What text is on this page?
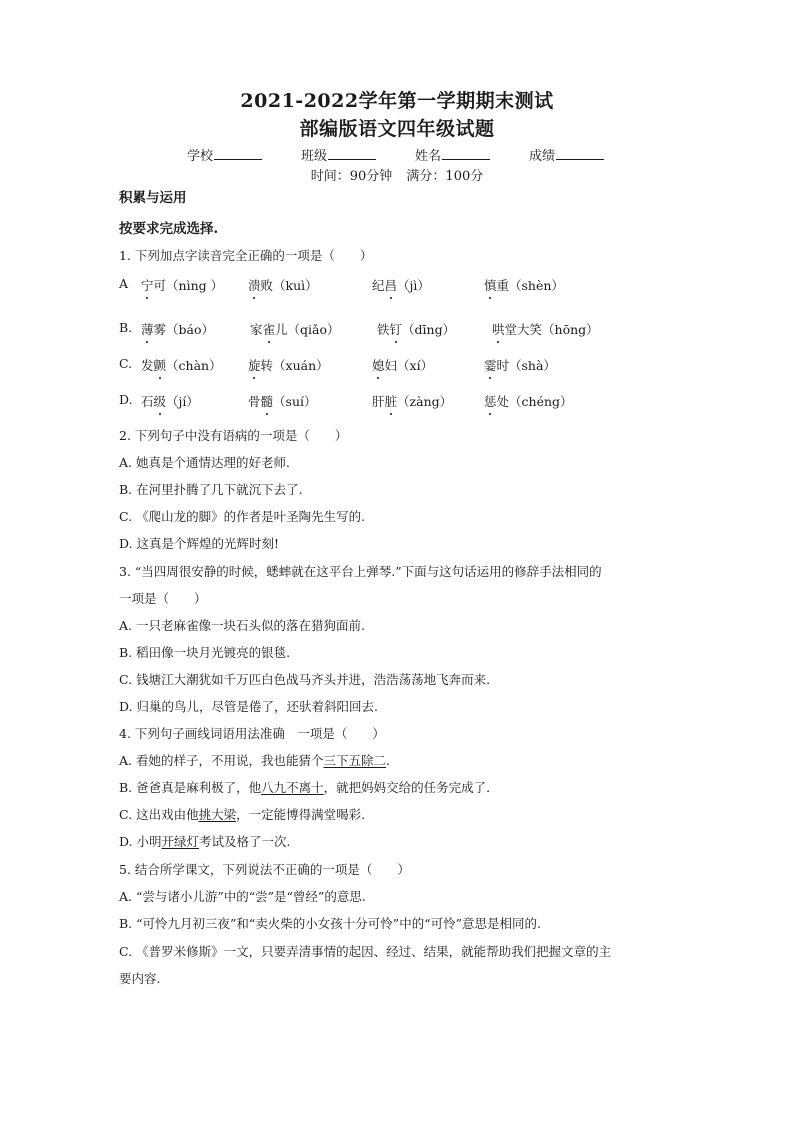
2021-2022学年第一学期期末测试
部编版语文四年级试题
学校	班级	姓名	成绩
时间：90分钟 满分：100分
积累与运用
按要求完成选择.
1. 下列加点字读音完全正确的一项是（　　）
A 宁可（nìng ） 溃败（kuì）	纪昌（jì）	慎重（shèn）
B. 薄雾（báo）	家雀儿（qiǎo）	铁钉（dīng）	哄堂大笑（hōng）
C. 发颤（chàn） 旋转（xuán）	媳妇（xí）	霎时（shà）
D. 石级（jí）	骨髓（suí）	肝脏（zàng）	惩处（chéng）
2. 下列句子中没有语病的一项是（　　）
A. 她真是个通情达理的好老师.
B. 在河里扑腾了几下就沉下去了.
C. 《爬山龙的脚》的作者是叶圣陶先生写的.
D. 这真是个辉煌的光辉时刻!
3. “当四周很安静的时候，蟋蟀就在这平台上弹琴.”下面与这句话运用的修辞手法相同的
一项是（　　）
A. 一只老麻雀像一块石头似的落在猎狗面前.
B. 稻田像一块月光镀亮的银毯.
C. 钱塘江大潮犹如千万匹白色战马齐头并进，浩浩荡荡地飞奔而来.
D. 归巢的鸟儿，尽管是倦了，还驮着斜阳回去.
4. 下列句子画线词语用法准确　一项是（　　）
A. 看她的样子，不用说，我也能猜个三下五除二.
B. 爸爸真是麻利极了，他八九不离十，就把妈妈交给的任务完成了.
C. 这出戏由他挑大梁，一定能博得满堂喝彩.
D. 小明开绿灯考试及格了一次.
5. 结合所学课文，下列说法不正确的一项是（　　）
A. “尝与诸小儿游”中的“尝”是“曾经”的意思.
B. “可怜九月初三夜”和“卖火柴的小女孩十分可怜”中的“可怜”意思是相同的.
C. 《普罗米修斯》一文，只要弄清事情的起因、经过、结果，就能帮助我们把握文章的主
要内容.
